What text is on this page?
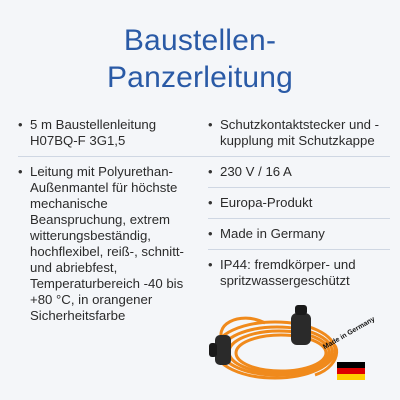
Baustellen-
Panzerleitung
• 5 m Baustellenleitung H07BQ-F 3G1,5
• Leitung mit Polyurethan-Außenmantel für höchste mechanische Beanspruchung, extrem witterungsbeständig, hochflexibel, reiß-, schnitt- und abriebfest, Temperaturbereich -40 bis +80 °C, in orangener Sicherheitsfarbe
• Schutzkontaktstecker und -kupplung mit Schutzkappe
• 230 V / 16 A
• Europa-Produkt
• Made in Germany
• IP44: fremdkörper- und spritzwassergeschützt
Made in Germany
